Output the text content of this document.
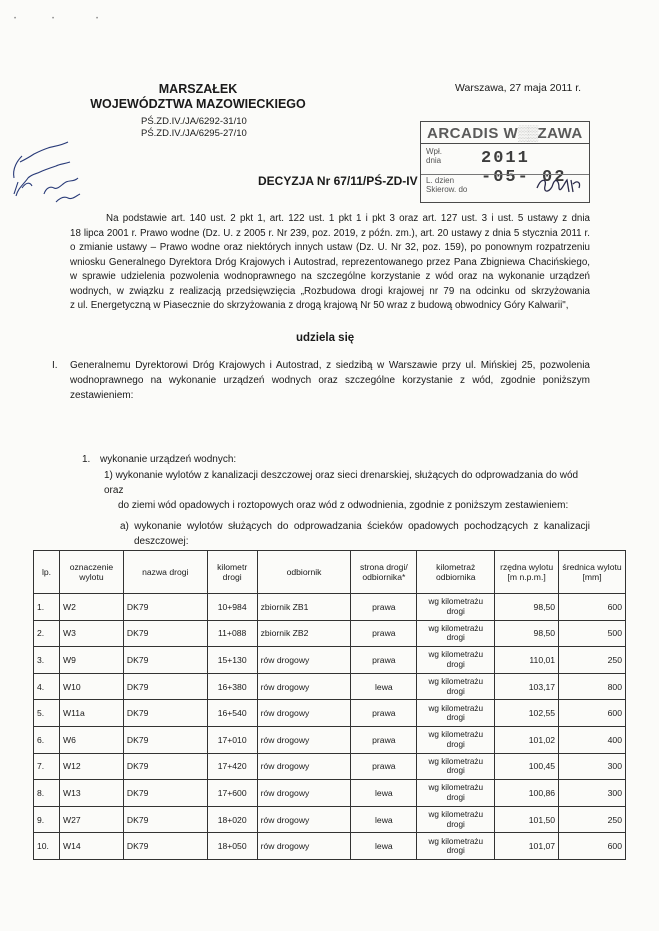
•	•	•
MARSZAŁEK
WOJEWÓDZTWA MAZOWIECKIEGO
Warszawa, 27 maja 2011 r.
PŚ.ZD.IV./JA/6292-31/10
PŚ.ZD.IV./JA/6295-27/10	ARCADIS W▒▒ZAWA
Wpł.
dnia 2011 -05- 02
L. dzien
Skierow. do
DECYZJA Nr 67/11/PŚ-ZD-IV
Na podstawie art. 140 ust. 2 pkt 1, art. 122 ust. 1 pkt 1 i pkt 3 oraz art. 127 ust. 3 i ust. 5 ustawy z dnia
18 lipca 2001 r. Prawo wodne (Dz. U. z 2005 r. Nr 239, poz. 2019, z późn. zm.), art. 20 ustawy z dnia 5 stycznia 2011 r.
o zmianie ustawy – Prawo wodne oraz niektórych innych ustaw (Dz. U. Nr 32, poz. 159), po ponownym rozpatrzeniu
wniosku Generalnego Dyrektora Dróg Krajowych i Autostrad, reprezentowanego przez Pana Zbigniewa Chacińskiego,
w sprawie udzielenia pozwolenia wodnoprawnego na szczególne korzystanie z wód oraz na wykonanie urządzeń
wodnych, w związku z realizacją przedsięwzięcia „Rozbudowa drogi krajowej nr 79 na odcinku od skrzyżowania
z ul. Energetyczną w Piasecznie do skrzyżowania z drogą krajową Nr 50 wraz z budową obwodnicy Góry Kalwarii",
udziela się
I. Generalnemu Dyrektorowi Dróg Krajowych i Autostrad, z siedzibą w Warszawie przy ul. Mińskiej 25, pozwolenia
wodnoprawnego na wykonanie urządzeń wodnych oraz szczególne korzystanie z wód, zgodnie poniższym
zestawieniem:
1. wykonanie urządzeń wodnych:
1) wykonanie wylotów z kanalizacji deszczowej oraz sieci drenarskiej, służących do odprowadzania do wód oraz
do ziemi wód opadowych i roztopowych oraz wód z odwodnienia, zgodnie z poniższym zestawieniem:
a) wykonanie wylotów służących do odprowadzania ścieków opadowych pochodzących z kanalizacji
deszczowej:
lp.	oznaczenie wylotu	nazwa drogi	kilometr drogi	odbiornik	strona drogi/ odbiornika*	kilometraż odbiornika	rzędna wylotu [m n.p.m.]	średnica wylotu [mm]
1.	W2	DK79	10+984	zbiornik ZB1	prawa	wg kilometrażu drogi	98,50	600
2.	W3	DK79	11+088	zbiornik ZB2	prawa	wg kilometrażu drogi	98,50	500
3.	W9	DK79	15+130	rów drogowy	prawa	wg kilometrażu drogi	110,01	250
4.	W10	DK79	16+380	rów drogowy	lewa	wg kilometrażu drogi	103,17	800
5.	W11a	DK79	16+540	rów drogowy	prawa	wg kilometrażu drogi	102,55	600
6.	W6	DK79	17+010	rów drogowy	prawa	wg kilometrażu drogi	101,02	400
7.	W12	DK79	17+420	rów drogowy	prawa	wg kilometrażu drogi	100,45	300
8.	W13	DK79	17+600	rów drogowy	lewa	wg kilometrażu drogi	100,86	300
9.	W27	DK79	18+020	rów drogowy	lewa	wg kilometrażu drogi	101,50	250
10.	W14	DK79	18+050	rów drogowy	lewa	wg kilometrażu drogi	101,07	600
